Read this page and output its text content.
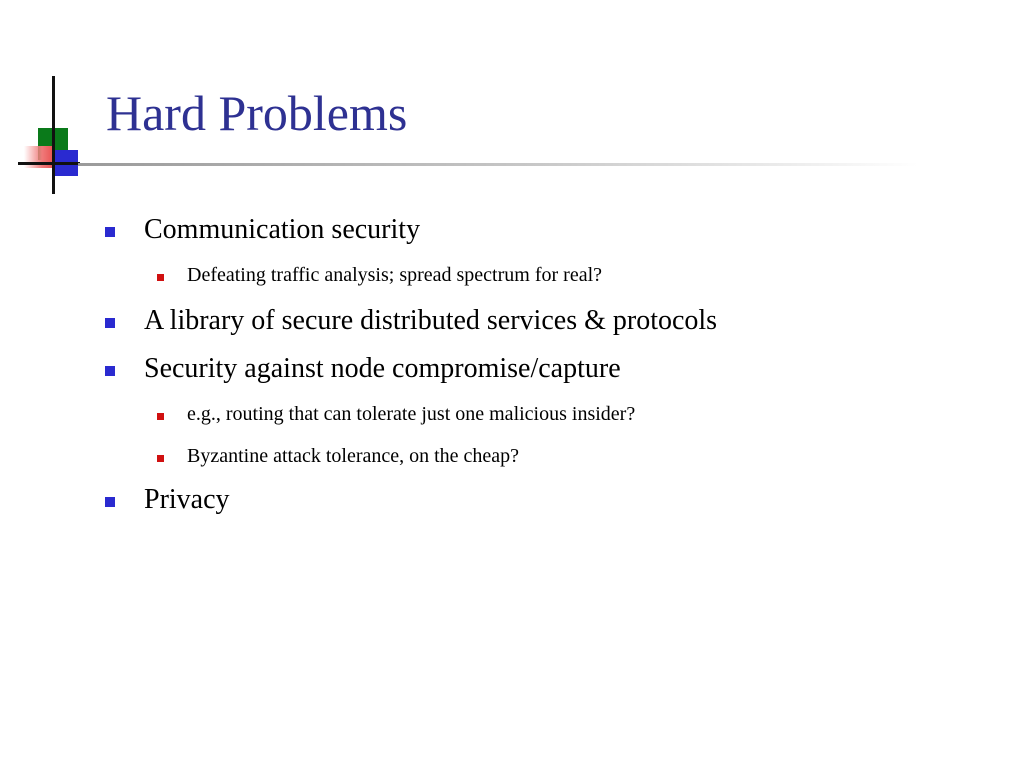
Hard Problems
Communication security
Defeating traffic analysis; spread spectrum for real?
A library of secure distributed services & protocols
Security against node compromise/capture
e.g., routing that can tolerate just one malicious insider?
Byzantine attack tolerance, on the cheap?
Privacy
